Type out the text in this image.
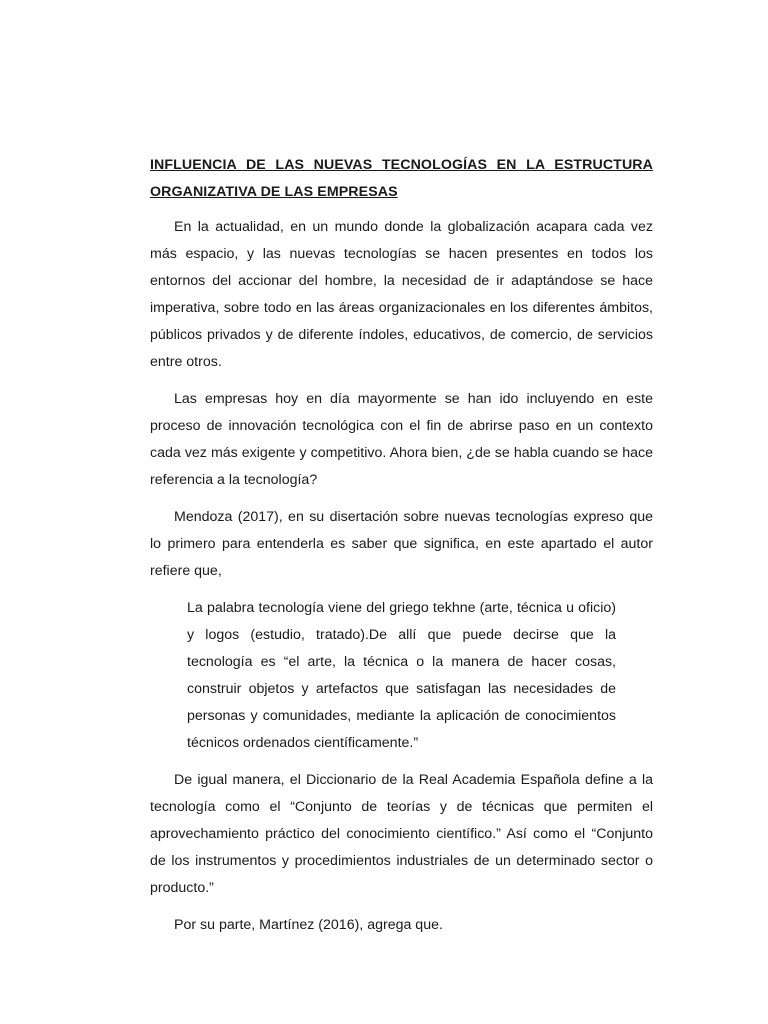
INFLUENCIA DE LAS NUEVAS TECNOLOGÍAS EN LA ESTRUCTURA ORGANIZATIVA DE LAS EMPRESAS

En la actualidad, en un mundo donde la globalización acapara cada vez más espacio, y las nuevas tecnologías se hacen presentes en todos los entornos del accionar del hombre, la necesidad de ir adaptándose se hace imperativa, sobre todo en las áreas organizacionales en los diferentes ámbitos, públicos privados y de diferente índoles, educativos, de comercio, de servicios entre otros.

Las empresas hoy en día mayormente se han ido incluyendo en este proceso de innovación tecnológica con el fin de abrirse paso en un contexto cada vez más exigente y competitivo. Ahora bien, ¿de se habla cuando se hace referencia a la tecnología?

Mendoza (2017), en su disertación sobre nuevas tecnologías expreso que lo primero para entenderla es saber que significa, en este apartado el autor refiere que,

La palabra tecnología viene del griego tekhne (arte, técnica u oficio) y logos (estudio, tratado).De allí que puede decirse que la tecnología es “el arte, la técnica o la manera de hacer cosas, construir objetos y artefactos que satisfagan las necesidades de personas y comunidades, mediante la aplicación de conocimientos técnicos ordenados científicamente.”

De igual manera, el Diccionario de la Real Academia Española define a la tecnología como el “Conjunto de teorías y de técnicas que permiten el aprovechamiento práctico del conocimiento científico.” Así como el “Conjunto de los instrumentos y procedimientos industriales de un determinado sector o producto.”

Por su parte, Martínez (2016), agrega que.
